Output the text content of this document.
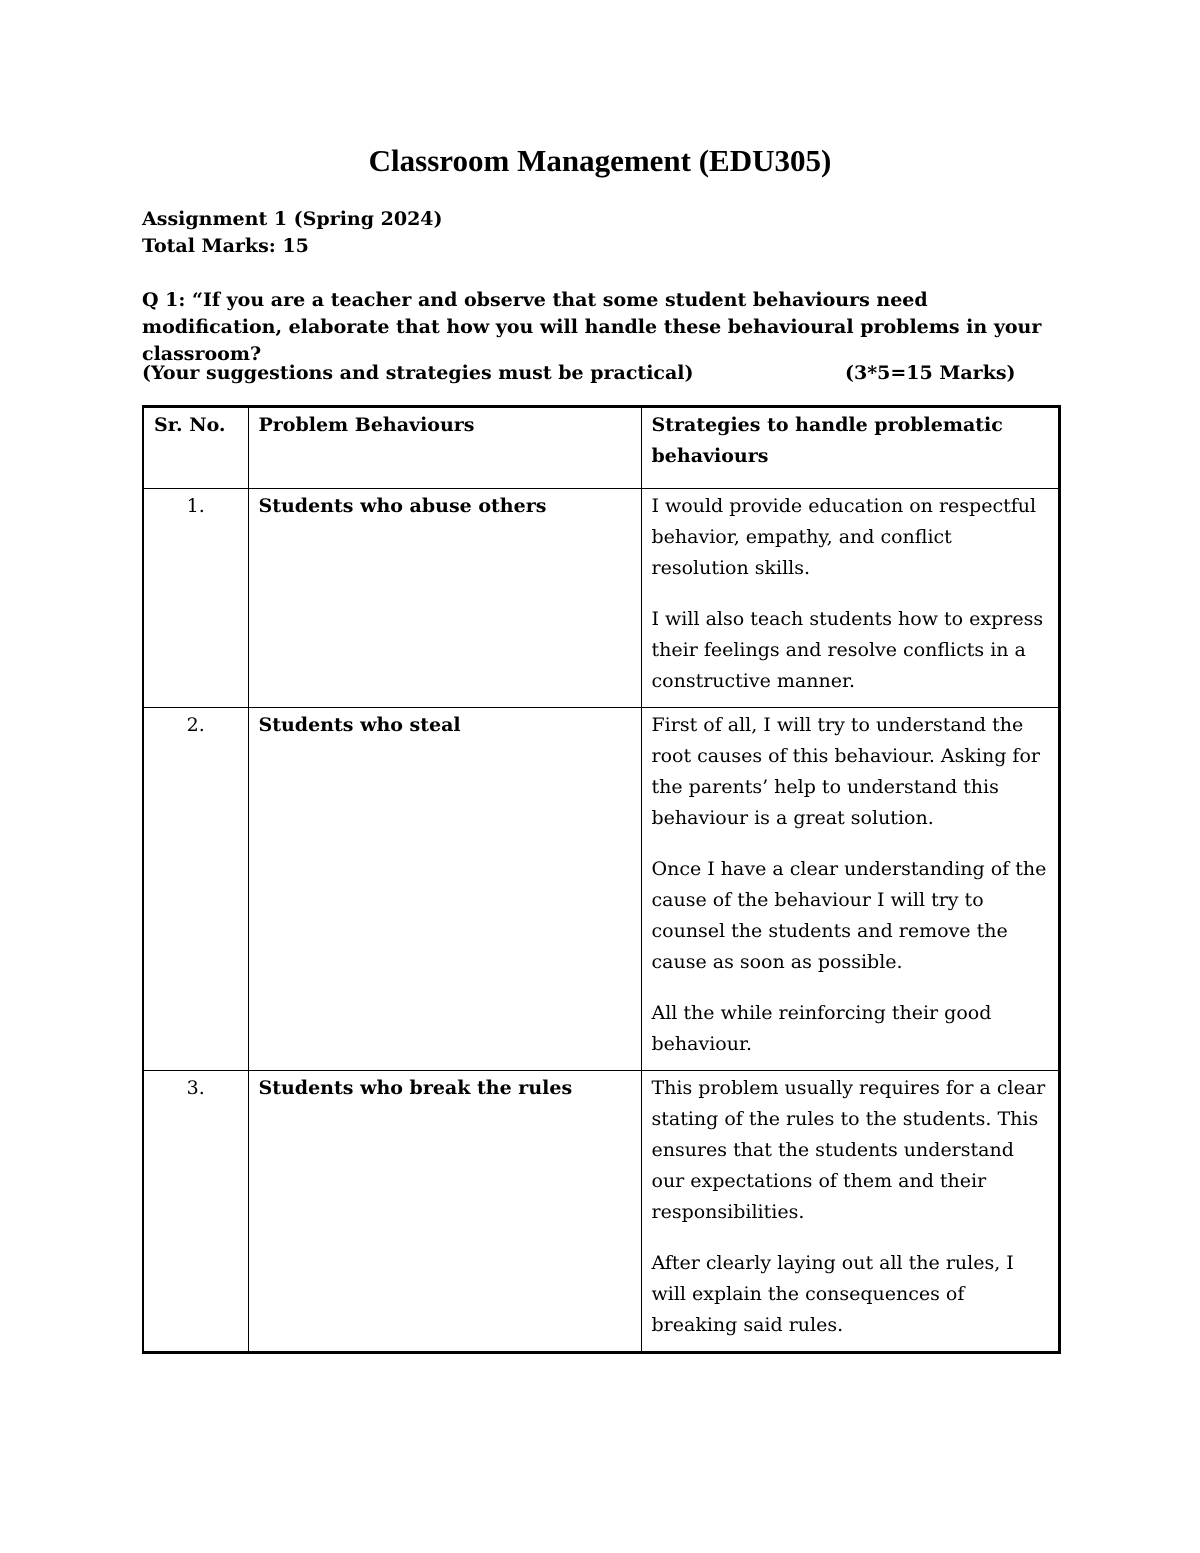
Classroom Management (EDU305)
Assignment 1 (Spring 2024)
Total Marks: 15
Q 1: “If you are a teacher and observe that some student behaviours need modification, elaborate that how you will handle these behavioural problems in your classroom?
(Your suggestions and strategies must be practical)	(3*5=15 Marks)
Sr. No.	Problem Behaviours	Strategies to handle problematic behaviours
1.	Students who abuse others	I would provide education on respectful behavior, empathy, and conflict resolution skills.

I will also teach students how to express their feelings and resolve conflicts in a constructive manner.

2.	Students who steal	First of all, I will try to understand the root causes of this behaviour. Asking for the parents’ help to understand this behaviour is a great solution.

Once I have a clear understanding of the cause of the behaviour I will try to counsel the students and remove the cause as soon as possible.

All the while reinforcing their good behaviour.

3.	Students who break the rules	This problem usually requires for a clear stating of the rules to the students. This ensures that the students understand our expectations of them and their responsibilities.

After clearly laying out all the rules, I will explain the consequences of breaking said rules.
